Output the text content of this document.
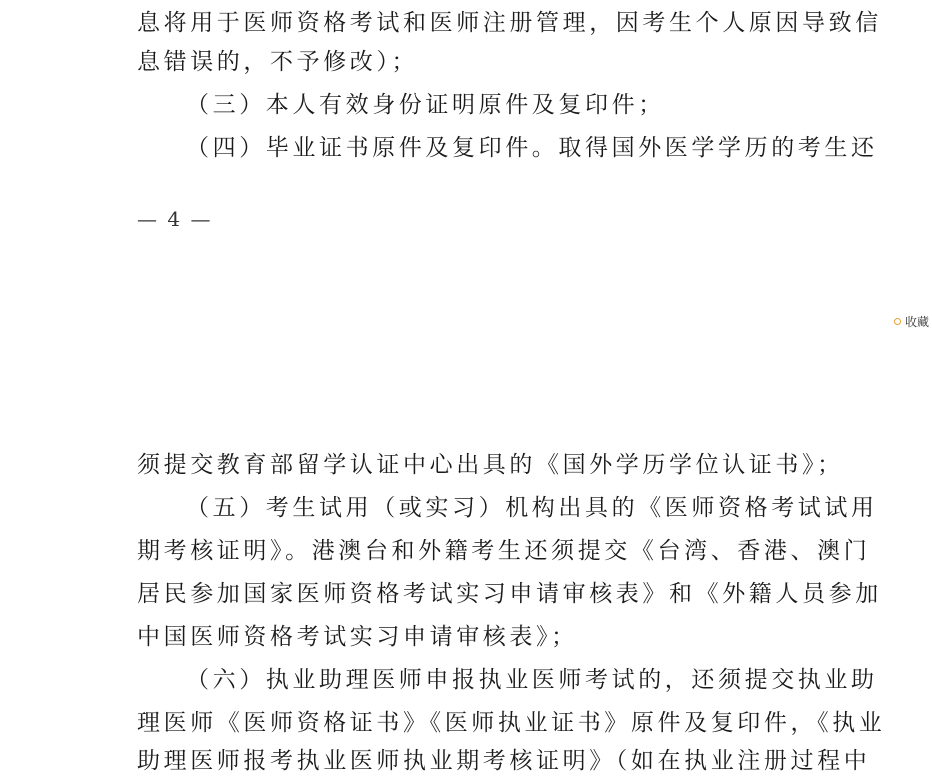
息将用于医师资格考试和医师注册管理，因考生个人原因导致信
息错误的，不予修改）；
（三）本人有效身份证明原件及复印件；
（四）毕业证书原件及复印件。取得国外医学学历的考生还
— 4 —
收藏
须提交教育部留学认证中心出具的《国外学历学位认证书》；
（五）考生试用（或实习）机构出具的《医师资格考试试用
期考核证明》。港澳台和外籍考生还须提交《台湾、香港、澳门
居民参加国家医师资格考试实习申请审核表》和《外籍人员参加
中国医师资格考试实习申请审核表》；
（六）执业助理医师申报执业医师考试的，还须提交执业助
理医师《医师资格证书》《医师执业证书》原件及复印件，《执业
助理医师报考执业医师执业期考核证明》（如在执业注册过程中
